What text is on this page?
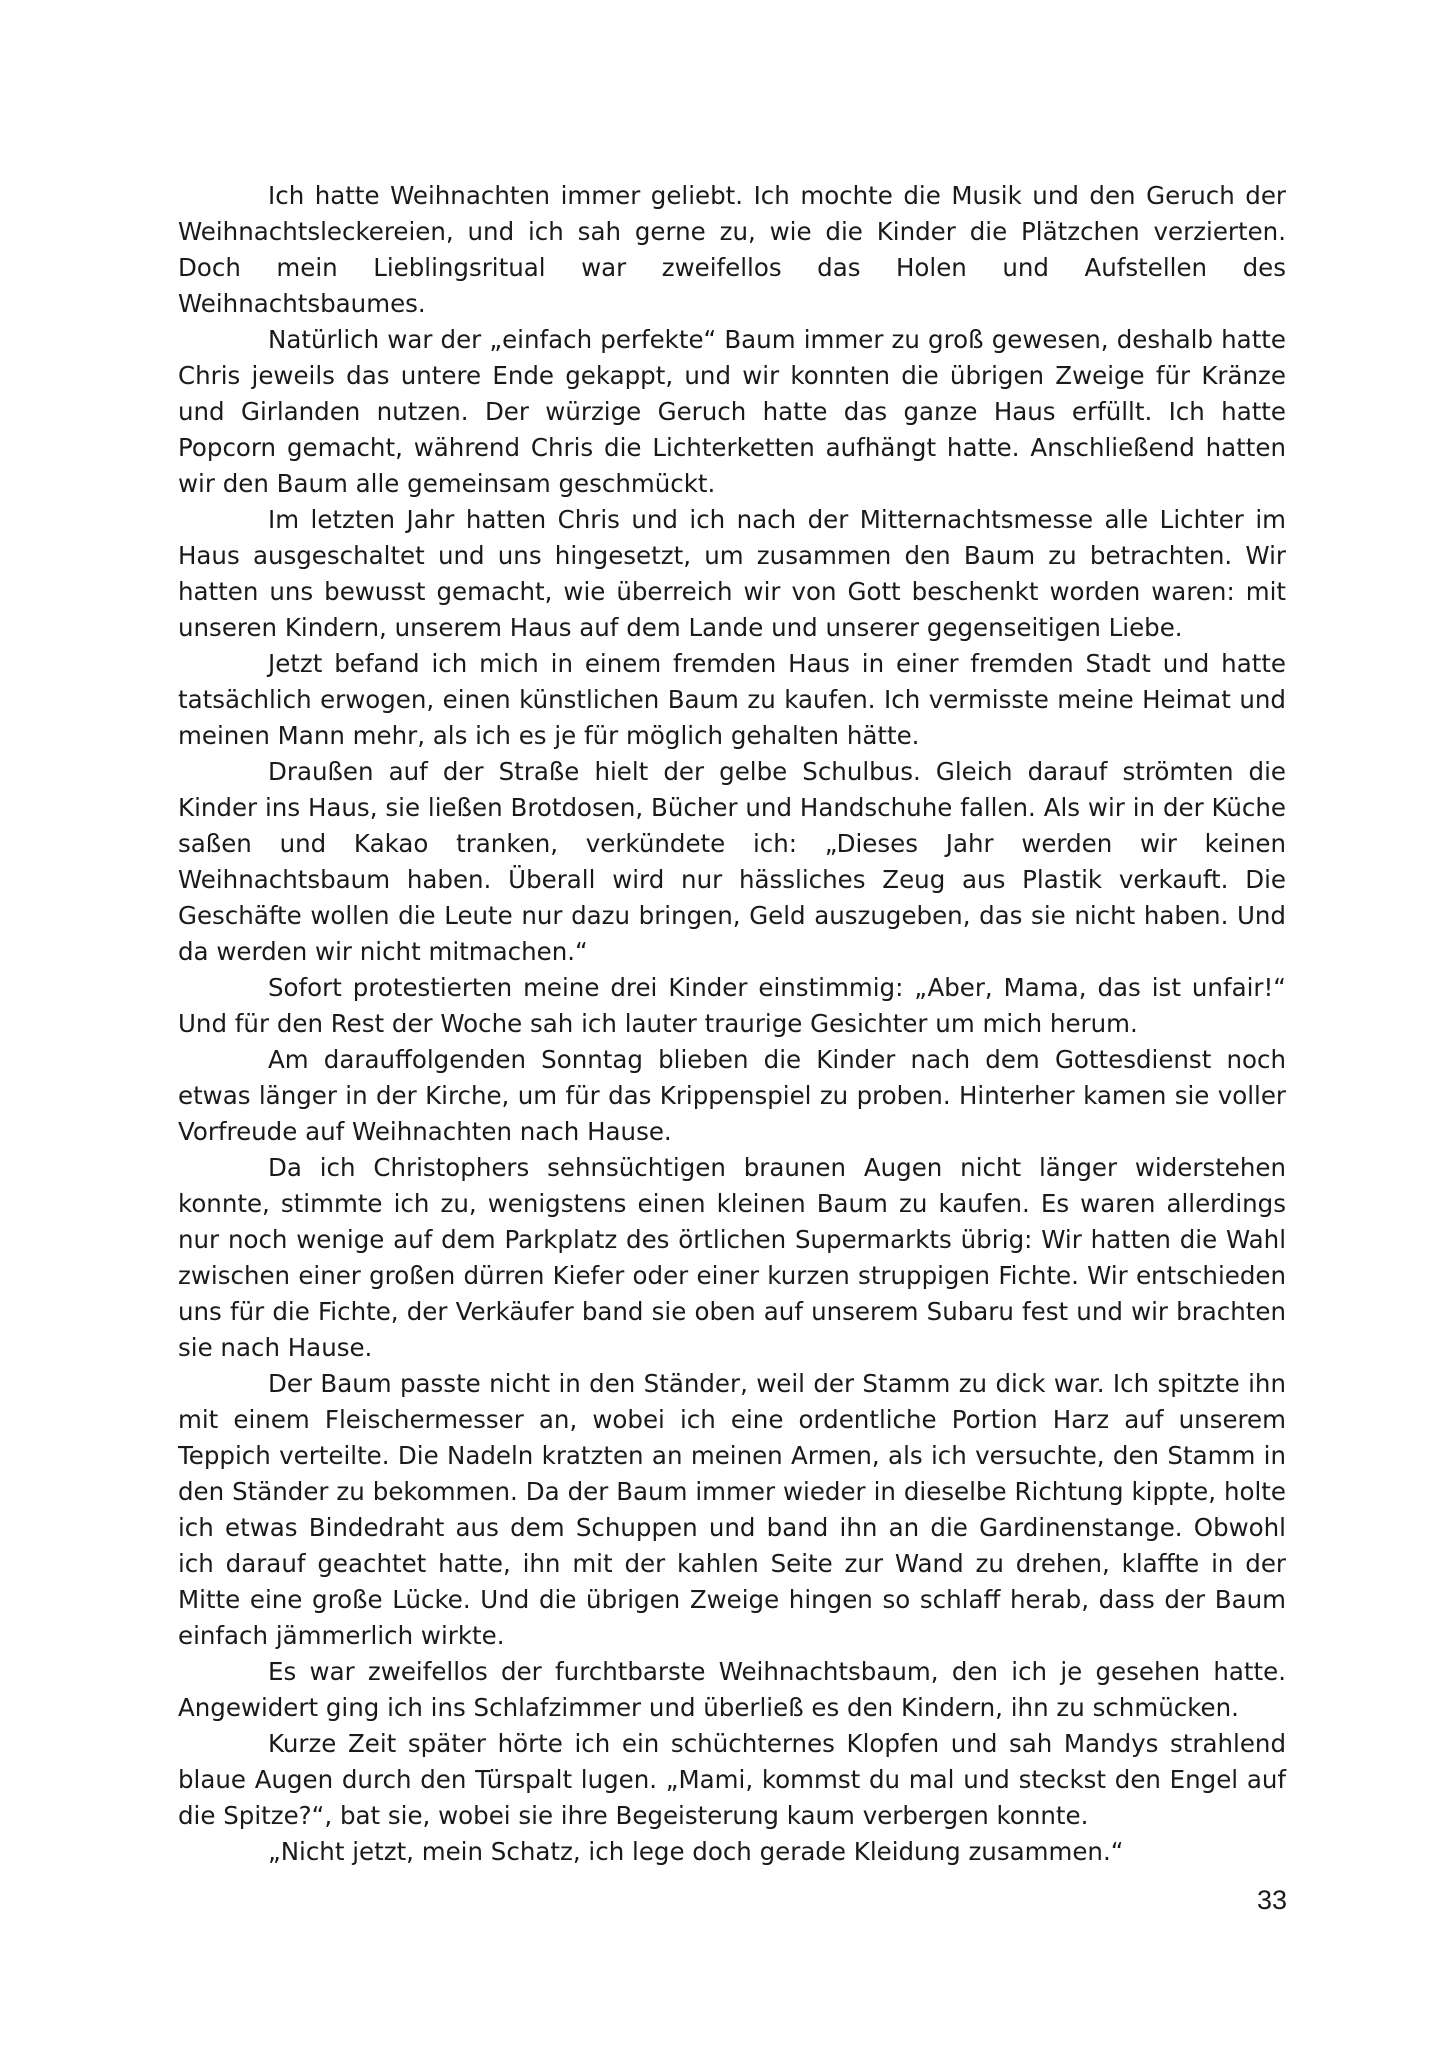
Ich hatte Weihnachten immer geliebt. Ich mochte die Musik und den Geruch der Weihnachtsleckereien, und ich sah gerne zu, wie die Kinder die Plätzchen verzierten. Doch mein Lieblingsritual war zweifellos das Holen und Aufstellen des Weihnachtsbaumes.

Natürlich war der „einfach perfekte“ Baum immer zu groß gewesen, deshalb hatte Chris jeweils das untere Ende gekappt, und wir konnten die übrigen Zweige für Kränze und Girlanden nutzen. Der würzige Geruch hatte das ganze Haus erfüllt. Ich hatte Popcorn gemacht, während Chris die Lichterketten aufhängt hatte. Anschließend hatten wir den Baum alle gemeinsam geschmückt.

Im letzten Jahr hatten Chris und ich nach der Mitternachtsmesse alle Lichter im Haus ausgeschaltet und uns hingesetzt, um zusammen den Baum zu betrachten. Wir hatten uns bewusst gemacht, wie überreich wir von Gott beschenkt worden waren: mit unseren Kindern, unserem Haus auf dem Lande und unserer gegenseitigen Liebe.

Jetzt befand ich mich in einem fremden Haus in einer fremden Stadt und hatte tatsächlich erwogen, einen künstlichen Baum zu kaufen. Ich vermisste meine Heimat und meinen Mann mehr, als ich es je für möglich gehalten hätte.

Draußen auf der Straße hielt der gelbe Schulbus. Gleich darauf strömten die Kinder ins Haus, sie ließen Brotdosen, Bücher und Handschuhe fallen. Als wir in der Küche saßen und Kakao tranken, verkündete ich: „Dieses Jahr werden wir keinen Weihnachtsbaum haben. Überall wird nur hässliches Zeug aus Plastik verkauft. Die Geschäfte wollen die Leute nur dazu bringen, Geld auszugeben, das sie nicht haben. Und da werden wir nicht mitmachen.“

Sofort protestierten meine drei Kinder einstimmig: „Aber, Mama, das ist unfair!“ Und für den Rest der Woche sah ich lauter traurige Gesichter um mich herum.

Am darauffolgenden Sonntag blieben die Kinder nach dem Gottesdienst noch etwas länger in der Kirche, um für das Krippenspiel zu proben. Hinterher kamen sie voller Vorfreude auf Weihnachten nach Hause.

Da ich Christophers sehnsüchtigen braunen Augen nicht länger widerstehen konnte, stimmte ich zu, wenigstens einen kleinen Baum zu kaufen. Es waren allerdings nur noch wenige auf dem Parkplatz des örtlichen Supermarkts übrig: Wir hatten die Wahl zwischen einer großen dürren Kiefer oder einer kurzen struppigen Fichte. Wir entschieden uns für die Fichte, der Verkäufer band sie oben auf unserem Subaru fest und wir brachten sie nach Hause.

Der Baum passte nicht in den Ständer, weil der Stamm zu dick war. Ich spitzte ihn mit einem Fleischermesser an, wobei ich eine ordentliche Portion Harz auf unserem Teppich verteilte. Die Nadeln kratzten an meinen Armen, als ich versuchte, den Stamm in den Ständer zu bekommen. Da der Baum immer wieder in dieselbe Richtung kippte, holte ich etwas Bindedraht aus dem Schuppen und band ihn an die Gardinenstange. Obwohl ich darauf geachtet hatte, ihn mit der kahlen Seite zur Wand zu drehen, klaffte in der Mitte eine große Lücke. Und die übrigen Zweige hingen so schlaff herab, dass der Baum einfach jämmerlich wirkte.

Es war zweifellos der furchtbarste Weihnachtsbaum, den ich je gesehen hatte. Angewidert ging ich ins Schlafzimmer und überließ es den Kindern, ihn zu schmücken.

Kurze Zeit später hörte ich ein schüchternes Klopfen und sah Mandys strahlend blaue Augen durch den Türspalt lugen. „Mami, kommst du mal und steckst den Engel auf die Spitze?“, bat sie, wobei sie ihre Begeisterung kaum verbergen konnte.

„Nicht jetzt, mein Schatz, ich lege doch gerade Kleidung zusammen.“

33
